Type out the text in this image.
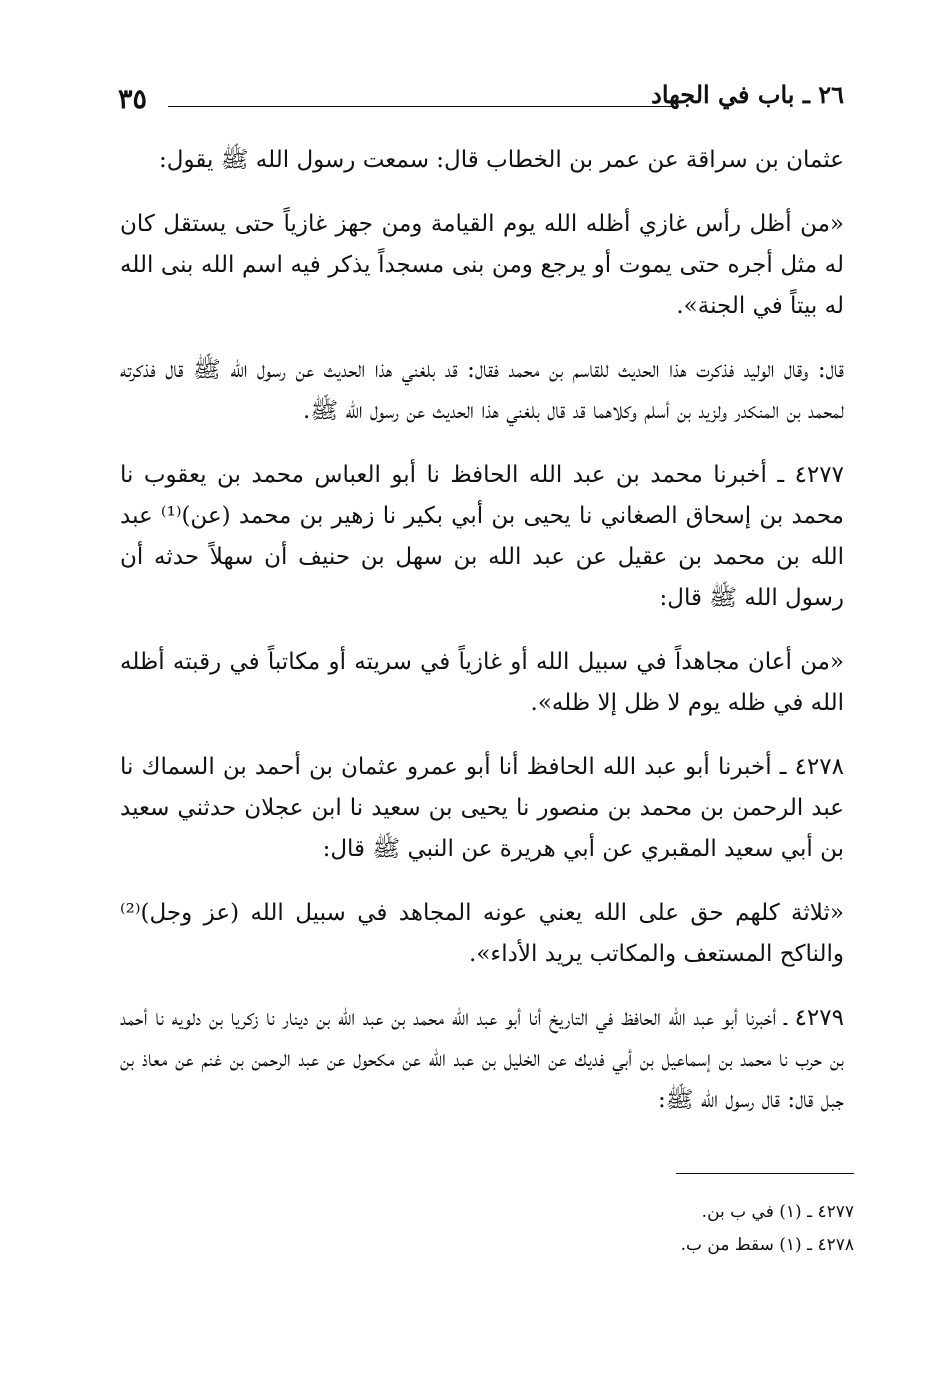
٢٦ ـ باب في الجهاد
٣٥

عثمان بن سراقة عن عمر بن الخطاب قال: سمعت رسول الله ﷺ يقول:

«من أظل رأس غازي أظله الله يوم القيامة ومن جهز غازياً حتى يستقل كان له مثل أجره حتى يموت أو يرجع ومن بنى مسجداً يذكر فيه اسم الله بنى الله له بيتاً في الجنة».

قال: وقال الوليد فذكرت هذا الحديث للقاسم بن محمد فقال: قد بلغني هذا الحديث عن رسول الله ﷺ قال فذكرته لمحمد بن المنكدر ولزيد بن أسلم وكلاهما قد قال بلغني هذا الحديث عن رسول الله ﷺ.

٤٢٧٧ ـ أخبرنا محمد بن عبد الله الحافظ نا أبو العباس محمد بن يعقوب نا محمد بن إسحاق الصغاني نا يحيى بن أبي بكير نا زهير بن محمد (عن)⁽¹⁾ عبد الله بن محمد بن عقيل عن عبد الله بن سهل بن حنيف أن سهلاً حدثه أن رسول الله ﷺ قال:

«من أعان مجاهداً في سبيل الله أو غازياً في سريته أو مكاتباً في رقبته أظله الله في ظله يوم لا ظل إلا ظله».

٤٢٧٨ ـ أخبرنا أبو عبد الله الحافظ أنا أبو عمرو عثمان بن أحمد بن السماك نا عبد الرحمن بن محمد بن منصور نا يحيى بن سعيد نا ابن عجلان حدثني سعيد بن أبي سعيد المقبري عن أبي هريرة عن النبي ﷺ قال:

«ثلاثة كلهم حق على الله يعني عونه المجاهد في سبيل الله (عز وجل)⁽²⁾ والناكح المستعف والمكاتب يريد الأداء».

٤٢٧٩ ـ أخبرنا أبو عبد الله الحافظ في التاريخ أنا أبو عبد الله محمد بن عبد الله بن دينار نا زكريا بن دلويه نا أحمد بن حرب نا محمد بن إسماعيل بن أبي فديك عن الخليل بن عبد الله عن مكحول عن عبد الرحمن بن غنم عن معاذ بن جبل قال: قال رسول الله ﷺ:

٤٢٧٧ ـ (١) في ب بن.

٤٢٧٨ ـ (١) سقط من ب.
